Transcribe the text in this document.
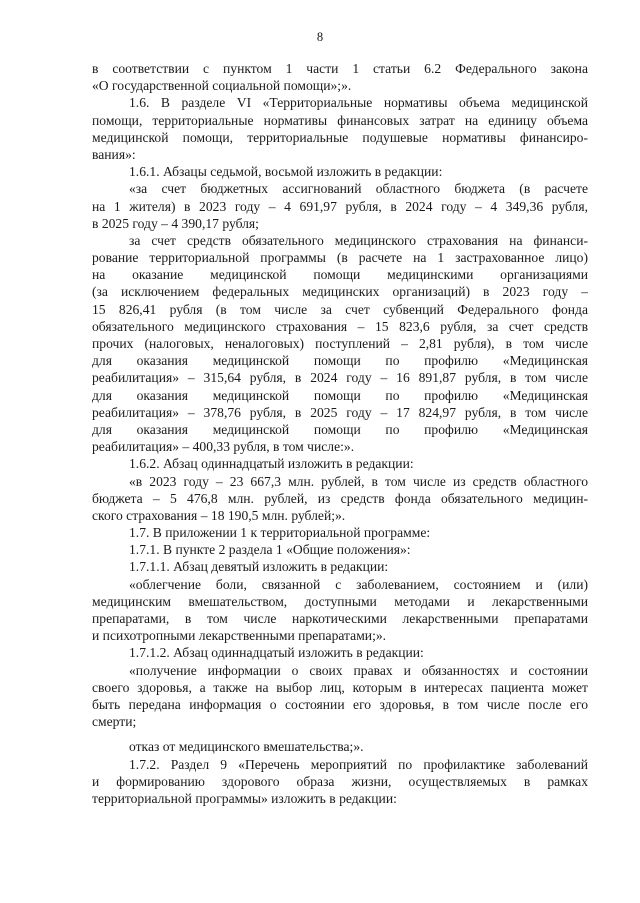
8
в соответствии с пунктом 1 части 1 статьи 6.2 Федерального закона
«О государственной социальной помощи»;».
1.6. В разделе VI «Территориальные нормативы объема медицинской
помощи, территориальные нормативы финансовых затрат на единицу объема
медицинской помощи, территориальные подушевые нормативы финансиро-
вания»:
1.6.1. Абзацы седьмой, восьмой изложить в редакции:
«за счет бюджетных ассигнований областного бюджета (в расчете
на 1 жителя) в 2023 году – 4 691,97 рубля, в 2024 году – 4 349,36 рубля,
в 2025 году – 4 390,17 рубля;
за счет средств обязательного медицинского страхования на финанси-
рование территориальной программы (в расчете на 1 застрахованное лицо)
на оказание медицинской помощи медицинскими организациями
(за исключением федеральных медицинских организаций) в 2023 году –
15 826,41 рубля (в том числе за счет субвенций Федерального фонда
обязательного медицинского страхования – 15 823,6 рубля, за счет средств
прочих (налоговых, неналоговых) поступлений – 2,81 рубля), в том числе
для оказания медицинской помощи по профилю «Медицинская
реабилитация» – 315,64 рубля, в 2024 году – 16 891,87 рубля, в том числе
для оказания медицинской помощи по профилю «Медицинская
реабилитация» – 378,76 рубля, в 2025 году – 17 824,97 рубля, в том числе
для оказания медицинской помощи по профилю «Медицинская
реабилитация» – 400,33 рубля, в том числе:».
1.6.2. Абзац одиннадцатый изложить в редакции:
«в 2023 году – 23 667,3 млн. рублей, в том числе из средств областного
бюджета – 5 476,8 млн. рублей, из средств фонда обязательного медицин-
ского страхования – 18 190,5 млн. рублей;».
1.7. В приложении 1 к территориальной программе:
1.7.1. В пункте 2 раздела 1 «Общие положения»:
1.7.1.1. Абзац девятый изложить в редакции:
«облегчение боли, связанной с заболеванием, состоянием и (или)
медицинским вмешательством, доступными методами и лекарственными
препаратами, в том числе наркотическими лекарственными препаратами
и психотропными лекарственными препаратами;».
1.7.1.2. Абзац одиннадцатый изложить в редакции:
«получение информации о своих правах и обязанностях и состоянии
своего здоровья, а также на выбор лиц, которым в интересах пациента может
быть передана информация о состоянии его здоровья, в том числе после его
смерти;
отказ от медицинского вмешательства;».
1.7.2. Раздел 9 «Перечень мероприятий по профилактике заболеваний
и формированию здорового образа жизни, осуществляемых в рамках
территориальной программы» изложить в редакции:
